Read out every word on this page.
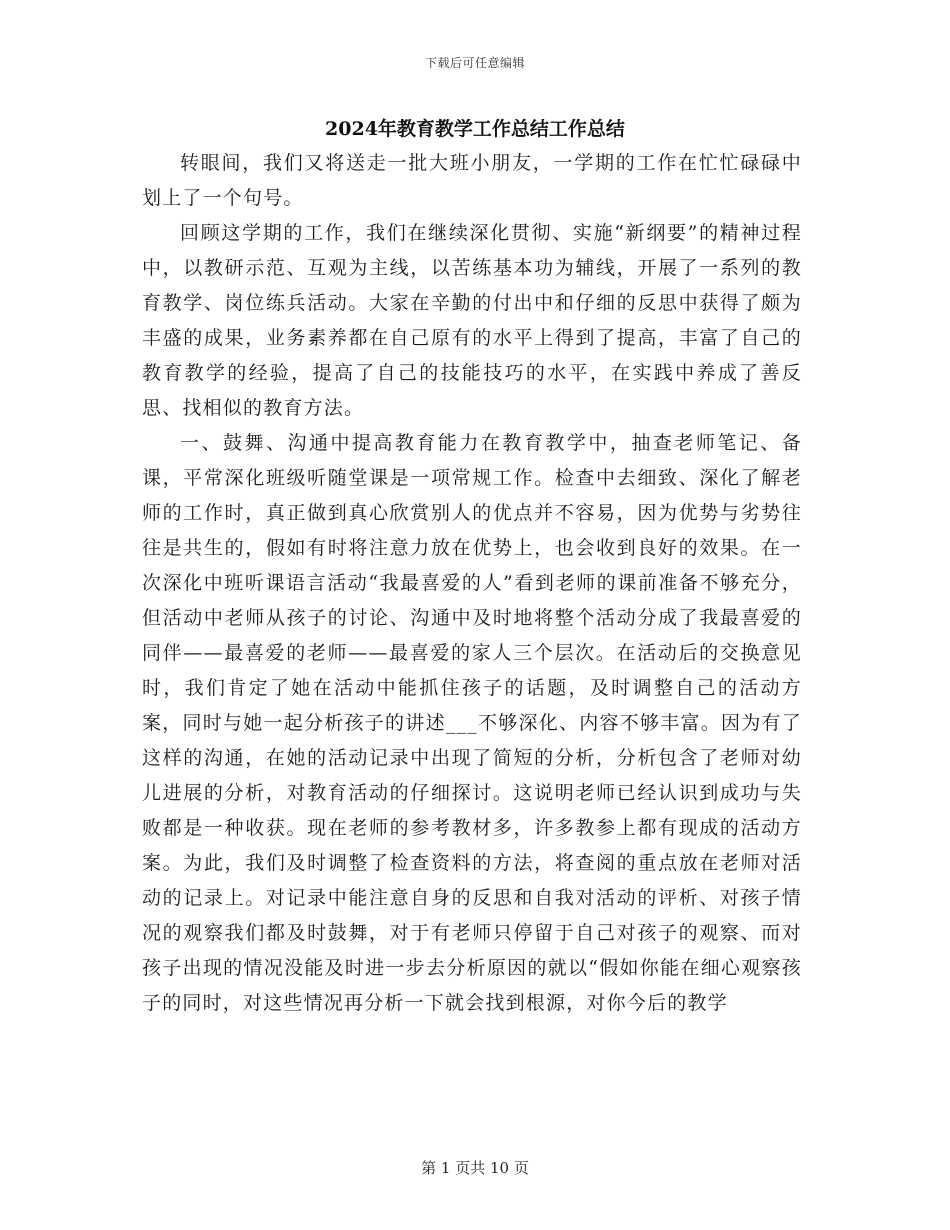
下载后可任意编辑
2024年教育教学工作总结工作总结

转眼间，我们又将送走一批大班小朋友，一学期的工作在忙忙碌碌中划上了一个句号。

回顾这学期的工作，我们在继续深化贯彻、实施“新纲要”的精神过程中，以教研示范、互观为主线，以苦练基本功为辅线，开展了一系列的教育教学、岗位练兵活动。大家在辛勤的付出中和仔细的反思中获得了颇为丰盛的成果，业务素养都在自己原有的水平上得到了提高，丰富了自己的教育教学的经验，提高了自己的技能技巧的水平，在实践中养成了善反思、找相似的教育方法。

一、鼓舞、沟通中提高教育能力在教育教学中，抽查老师笔记、备课，平常深化班级听随堂课是一项常规工作。检查中去细致、深化了解老师的工作时，真正做到真心欣赏别人的优点并不容易，因为优势与劣势往往是共生的，假如有时将注意力放在优势上，也会收到良好的效果。在一次深化中班听课语言活动“我最喜爱的人”看到老师的课前准备不够充分，但活动中老师从孩子的讨论、沟通中及时地将整个活动分成了我最喜爱的同伴——最喜爱的老师——最喜爱的家人三个层次。在活动后的交换意见时，我们肯定了她在活动中能抓住孩子的话题，及时调整自己的活动方案，同时与她一起分析孩子的讲述___不够深化、内容不够丰富。因为有了这样的沟通，在她的活动记录中出现了简短的分析，分析包含了老师对幼儿进展的分析，对教育活动的仔细探讨。这说明老师已经认识到成功与失败都是一种收获。现在老师的参考教材多，许多教参上都有现成的活动方案。为此，我们及时调整了检查资料的方法，将查阅的重点放在老师对活动的记录上。对记录中能注意自身的反思和自我对活动的评析、对孩子情况的观察我们都及时鼓舞，对于有老师只停留于自己对孩子的观察、而对孩子出现的情况没能及时进一步去分析原因的就以“假如你能在细心观察孩子的同时，对这些情况再分析一下就会找到根源，对你今后的教学

第 1 页共 10 页
